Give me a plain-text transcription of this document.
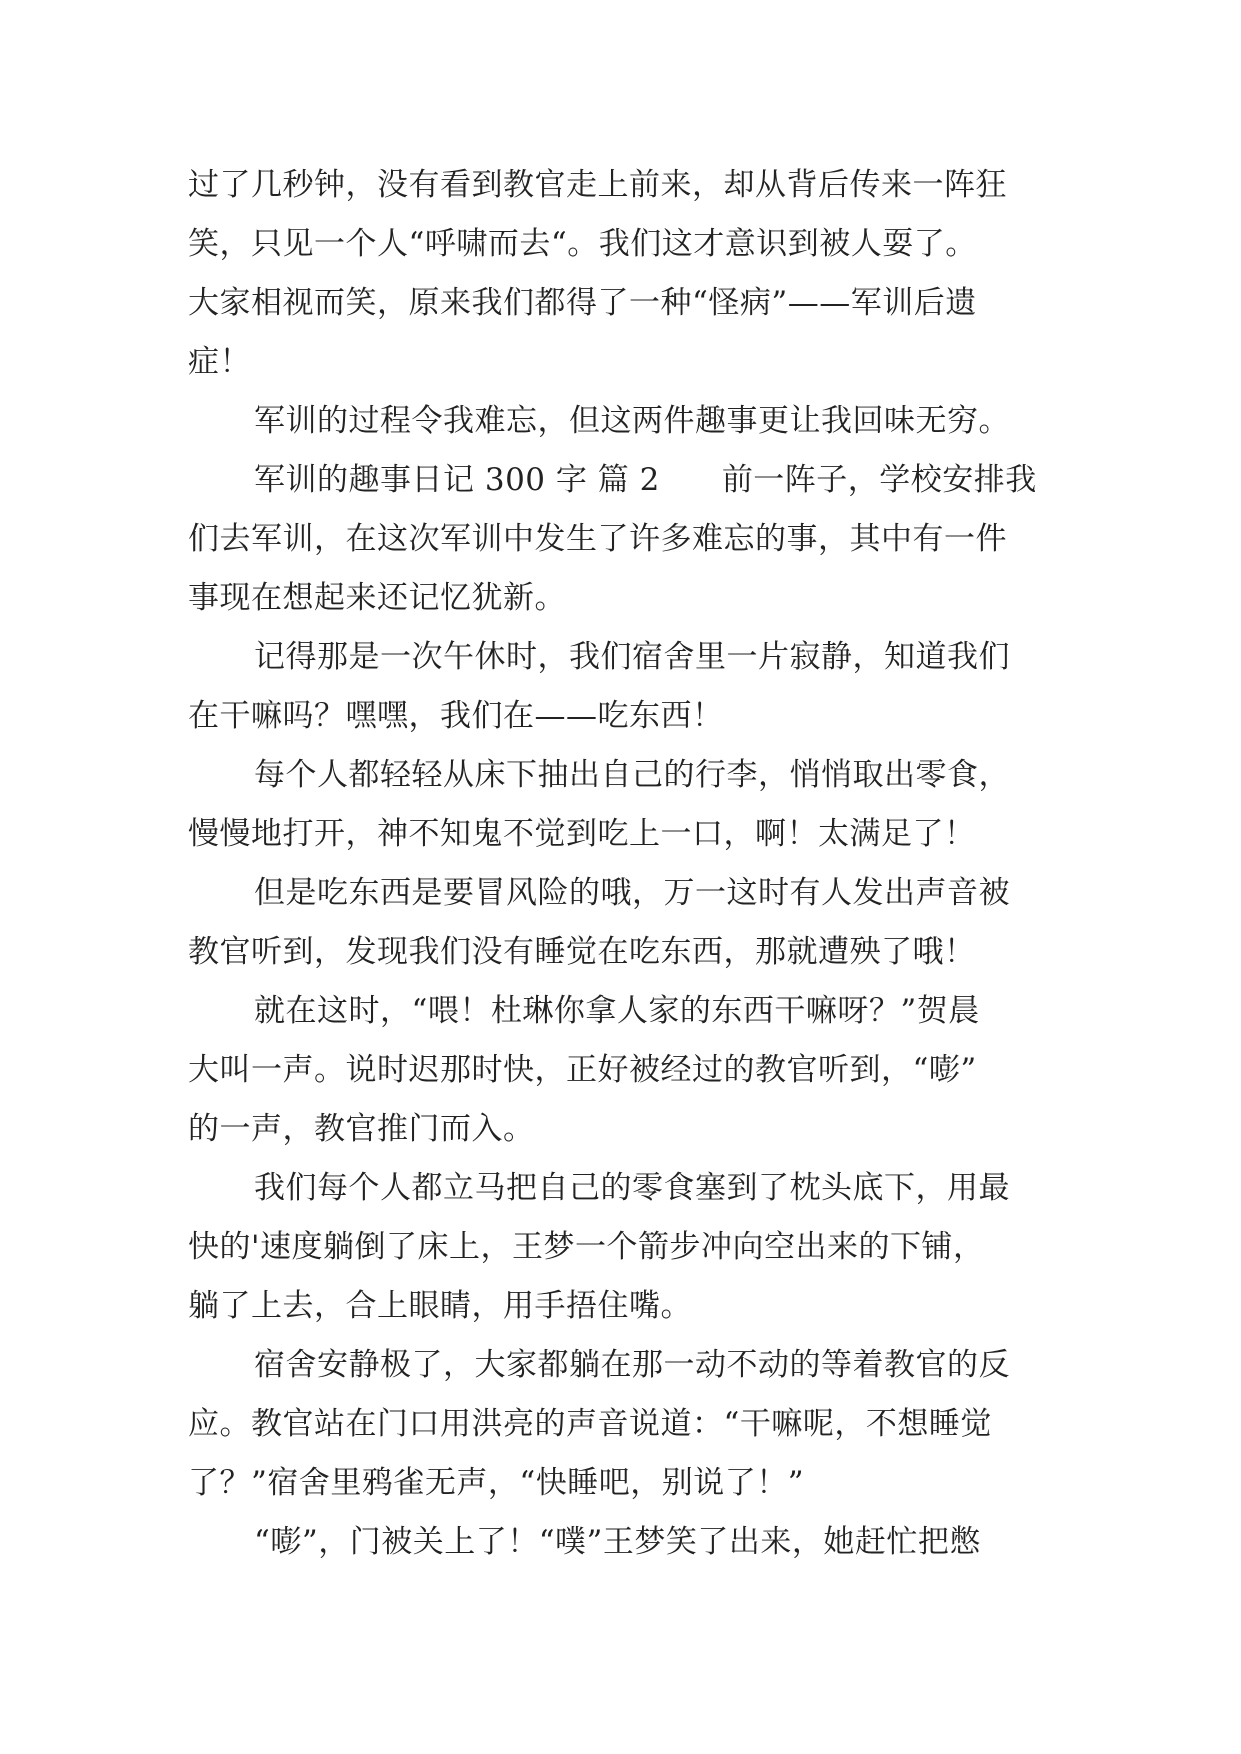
过了几秒钟，没有看到教官走上前来，却从背后传来一阵狂
笑，只见一个人“呼啸而去“。我们这才意识到被人耍了。
大家相视而笑，原来我们都得了一种“怪病”——军训后遗
症！
军训的过程令我难忘，但这两件趣事更让我回味无穷。
军训的趣事日记 300 字 篇 2 前一阵子，学校安排我
们去军训，在这次军训中发生了许多难忘的事，其中有一件
事现在想起来还记忆犹新。
记得那是一次午休时，我们宿舍里一片寂静，知道我们
在干嘛吗？嘿嘿，我们在——吃东西！
每个人都轻轻从床下抽出自己的行李，悄悄取出零食，
慢慢地打开，神不知鬼不觉到吃上一口，啊！太满足了！
但是吃东西是要冒风险的哦，万一这时有人发出声音被
教官听到，发现我们没有睡觉在吃东西，那就遭殃了哦！
就在这时，“喂！杜琳你拿人家的东西干嘛呀？”贺晨
大叫一声。说时迟那时快，正好被经过的教官听到，“嘭”
的一声，教官推门而入。
我们每个人都立马把自己的零食塞到了枕头底下，用最
快的'速度躺倒了床上，王梦一个箭步冲向空出来的下铺，
躺了上去，合上眼睛，用手捂住嘴。
宿舍安静极了，大家都躺在那一动不动的等着教官的反
应。教官站在门口用洪亮的声音说道：“干嘛呢，不想睡觉
了？”宿舍里鸦雀无声，“快睡吧，别说了！”
“嘭”，门被关上了！“噗”王梦笑了出来，她赶忙把憋
